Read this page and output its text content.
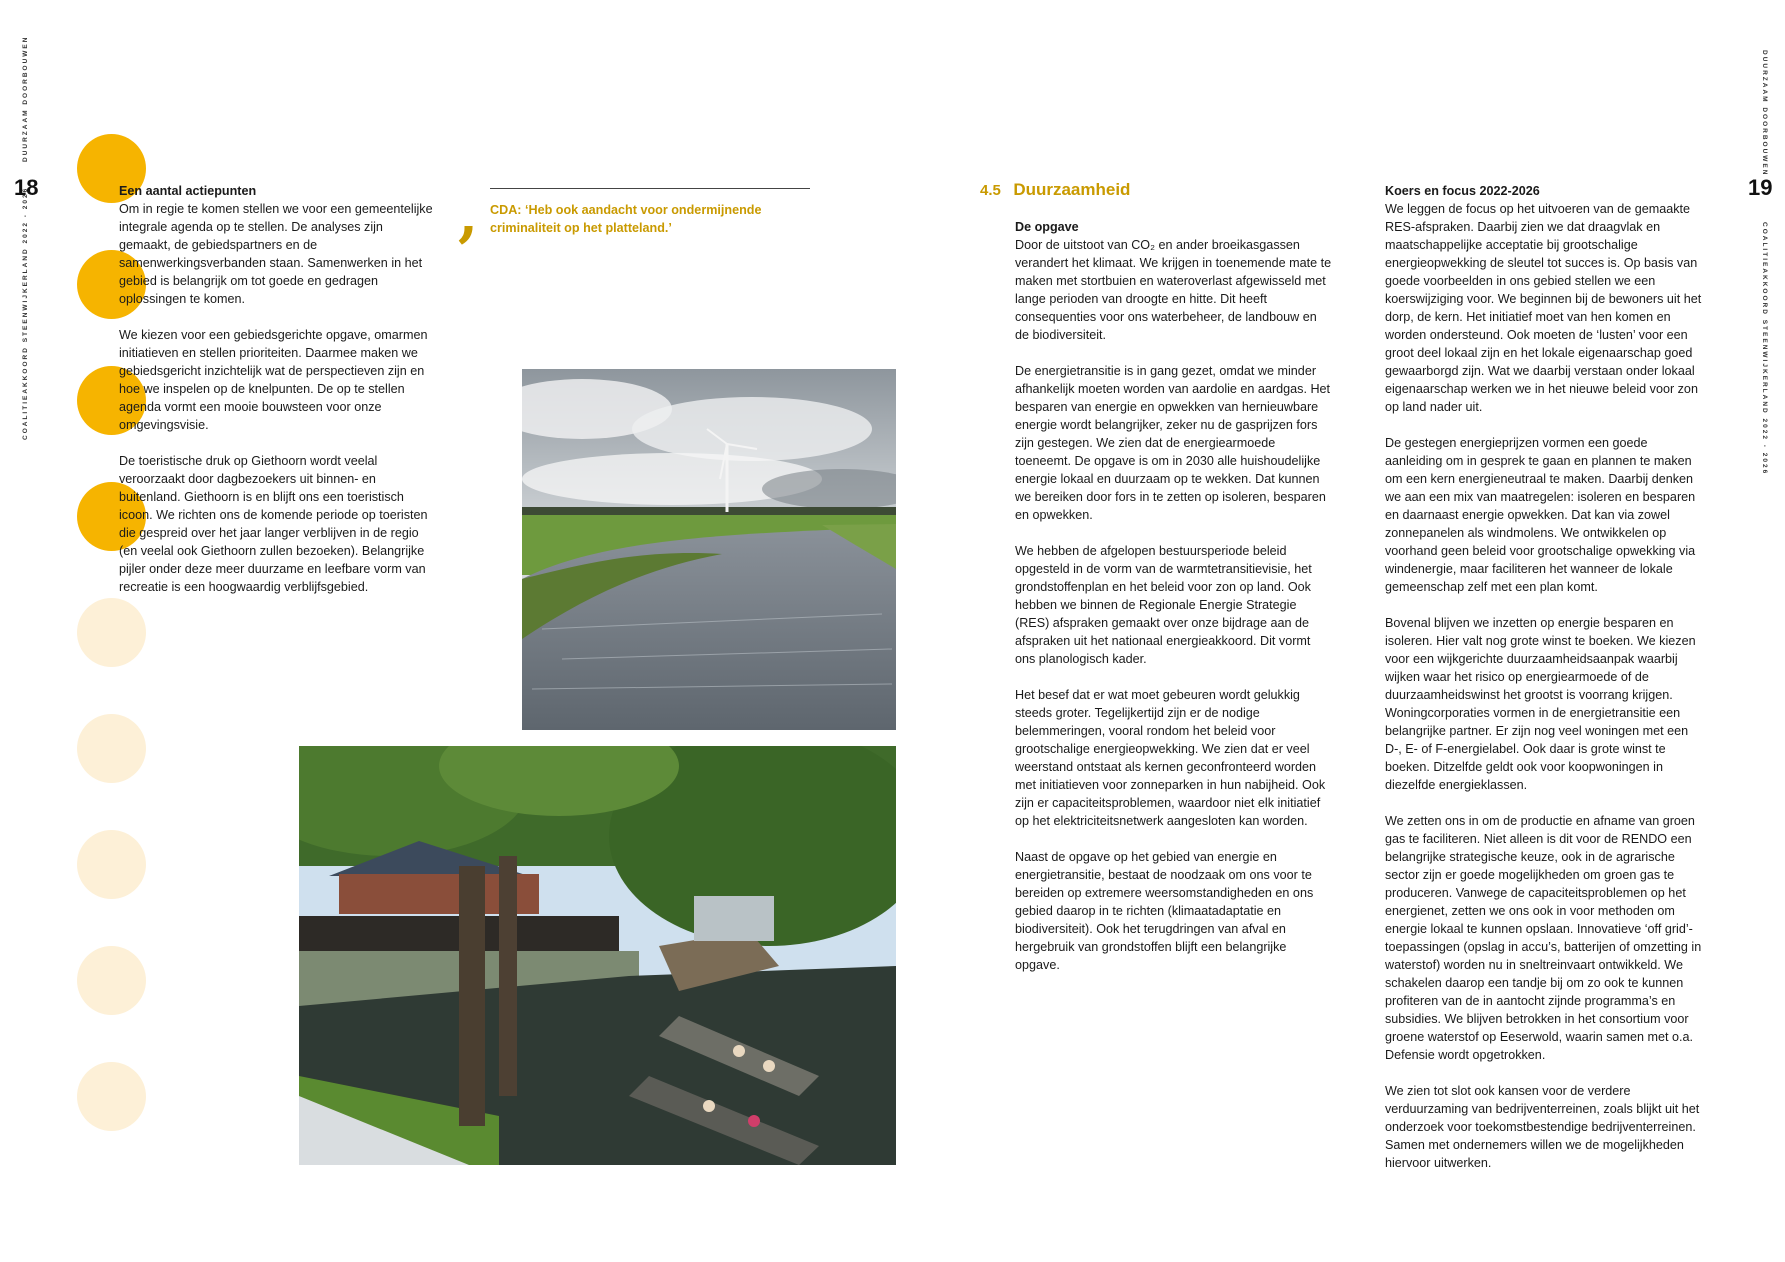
18	19
DUURZAAM DOORBOUWEN
COALITIEAKKOORD STEENWIJKERLAND 2022 - 2026
DUURZAAM DOORBOUWEN
COALITIEAKKOORD STEENWIJKERLAND 2022 - 2026
Een aantal actiepunten

Om in regie te komen stellen we voor een gemeentelijke integrale agenda op te stellen. De analyses zijn gemaakt, de gebiedspartners en de samenwerkingsverbanden staan. Samenwerken in het gebied is belangrijk om tot goede en gedragen oplossingen te komen.

We kiezen voor een gebiedsgerichte opgave, omarmen initiatieven en stellen prioriteiten. Daarmee maken we gebiedsgericht inzichtelijk wat de perspectieven zijn en hoe we inspelen op de knelpunten. De op te stellen agenda vormt een mooie bouwsteen voor onze omgevingsvisie.

De toeristische druk op Giethoorn wordt veelal veroorzaakt door dagbezoekers uit binnen- en buitenland. Giethoorn is en blijft ons een toeristisch icoon. We richten ons de komende periode op toeristen die gespreid over het jaar langer verblijven in de regio (en veelal ook Giethoorn zullen bezoeken). Belangrijke pijler onder deze meer duurzame en leefbare vorm van recreatie is een hoogwaardig verblijfsgebied.

, CDA: ‘Heb ook aandacht voor ondermijnende criminaliteit op het platteland.’
4.5 Duurzaamheid
De opgave

Door de uitstoot van CO₂ en ander broeikasgassen verandert het klimaat. We krijgen in toenemende mate te maken met stortbuien en wateroverlast afgewisseld met lange perioden van droogte en hitte. Dit heeft consequenties voor ons waterbeheer, de landbouw en de biodiversiteit.

De energietransitie is in gang gezet, omdat we minder afhankelijk moeten worden van aardolie en aardgas. Het besparen van energie en opwekken van hernieuwbare energie wordt belangrijker, zeker nu de gasprijzen fors zijn gestegen. We zien dat de energiearmoede toeneemt. De opgave is om in 2030 alle huishoudelijke energie lokaal en duurzaam op te wekken. Dat kunnen we bereiken door fors in te zetten op isoleren, besparen en opwekken.

We hebben de afgelopen bestuursperiode beleid opgesteld in de vorm van de warmtetransitievisie, het grondstoffenplan en het beleid voor zon op land. Ook hebben we binnen de Regionale Energie Strategie (RES) afspraken gemaakt over onze bijdrage aan de afspraken uit het nationaal energieakkoord. Dit vormt ons planologisch kader.

Het besef dat er wat moet gebeuren wordt gelukkig steeds groter. Tegelijkertijd zijn er de nodige belemmeringen, vooral rondom het beleid voor grootschalige energieopwekking. We zien dat er veel weerstand ontstaat als kernen geconfronteerd worden met initiatieven voor zonneparken in hun nabijheid. Ook zijn er capaciteitsproblemen, waardoor niet elk initiatief op het elektriciteitsnetwerk aangesloten kan worden.

Naast de opgave op het gebied van energie en energietransitie, bestaat de noodzaak om ons voor te bereiden op extremere weersomstandigheden en ons gebied daarop in te richten (klimaatadaptatie en biodiversiteit). Ook het terugdringen van afval en hergebruik van grondstoffen blijft een belangrijke opgave.

Koers en focus 2022-2026

We leggen de focus op het uitvoeren van de gemaakte RES-afspraken. Daarbij zien we dat draagvlak en maatschappelijke acceptatie bij grootschalige energieopwekking de sleutel tot succes is. Op basis van goede voorbeelden in ons gebied stellen we een koerswijziging voor. We beginnen bij de bewoners uit het dorp, de kern. Het initiatief moet van hen komen en worden ondersteund. Ook moeten de ‘lusten’ voor een groot deel lokaal zijn en het lokale eigenaarschap goed gewaarborgd zijn. Wat we daarbij verstaan onder lokaal eigenaarschap werken we in het nieuwe beleid voor zon op land nader uit.

De gestegen energieprijzen vormen een goede aanleiding om in gesprek te gaan en plannen te maken om een kern energieneutraal te maken. Daarbij denken we aan een mix van maatregelen: isoleren en besparen en daarnaast energie opwekken. Dat kan via zowel zonnepanelen als windmolens. We ontwikkelen op voorhand geen beleid voor grootschalige opwekking via windenergie, maar faciliteren het wanneer de lokale gemeenschap zelf met een plan komt.

Bovenal blijven we inzetten op energie besparen en isoleren. Hier valt nog grote winst te boeken. We kiezen voor een wijkgerichte duurzaamheidsaanpak waarbij wijken waar het risico op energiearmoede of de duurzaamheidswinst het grootst is voorrang krijgen. Woningcorporaties vormen in de energietransitie een belangrijke partner. Er zijn nog veel woningen met een D-, E- of F-energielabel. Ook daar is grote winst te boeken. Ditzelfde geldt ook voor koopwoningen in diezelfde energieklassen.

We zetten ons in om de productie en afname van groen gas te faciliteren. Niet alleen is dit voor de RENDO een belangrijke strategische keuze, ook in de agrarische sector zijn er goede mogelijkheden om groen gas te produceren. Vanwege de capaciteitsproblemen op het energienet, zetten we ons ook in voor methoden om energie lokaal te kunnen opslaan. Innovatieve ‘off grid’-toepassingen (opslag in accu’s, batterijen of omzetting in waterstof) worden nu in sneltreinvaart ontwikkeld. We schakelen daarop een tandje bij om zo ook te kunnen profiteren van de in aantocht zijnde programma’s en subsidies. We blijven betrokken in het consortium voor groene waterstof op Eeserwold, waarin samen met o.a. Defensie wordt opgetrokken.

We zien tot slot ook kansen voor de verdere verduurzaming van bedrijventerreinen, zoals blijkt uit het onderzoek voor toekomstbestendige bedrijventerreinen. Samen met ondernemers willen we de mogelijkheden hiervoor uitwerken.
